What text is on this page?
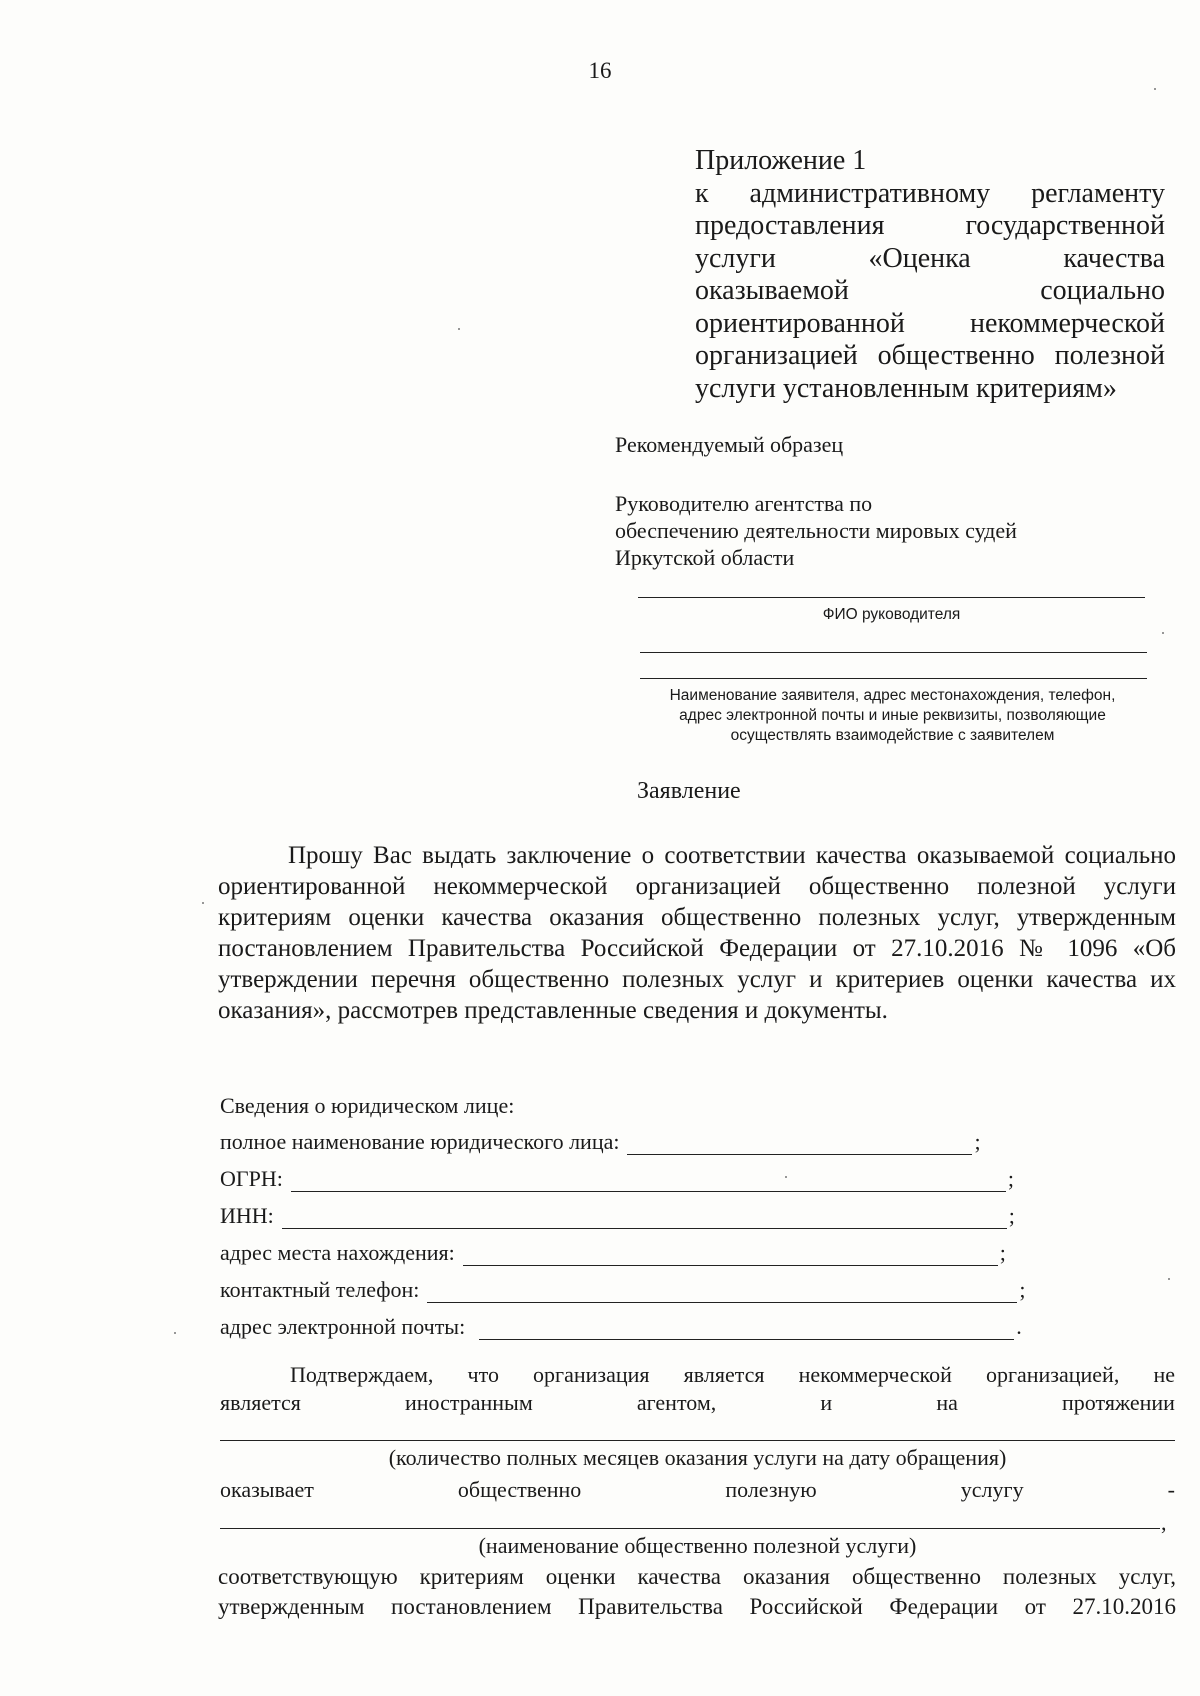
16
Приложение 1
к административному регламенту
предоставления государственной
услуги «Оценка качества
оказываемой социально
ориентированной некоммерческой
организацией общественно полезной
услуги установленным критериям»
Рекомендуемый образец
Руководителю агентства по
обеспечению деятельности мировых судей
Иркутской области
ФИО руководителя
Наименование заявителя, адрес местонахождения, телефон,
адрес электронной почты и иные реквизиты, позволяющие
осуществлять взаимодействие с заявителем
Заявление
Прошу Вас выдать заключение о соответствии качества оказываемой социально ориентированной некоммерческой организацией общественно полезной услуги критериям оценки качества оказания общественно полезных услуг, утвержденным постановлением Правительства Российской Федерации от 27.10.2016 № 1096 «Об утверждении перечня общественно полезных услуг и критериев оценки качества их оказания», рассмотрев представленные сведения и документы.
Сведения о юридическом лице:
полное наименование юридического лица:	;
ОГРН:	;
ИНН:	;
адрес места нахождения:	;
контактный телефон:	;
адрес электронной почты:	.
Подтверждаем, что организация является некоммерческой организацией, не
является	иностранным	агентом,	и	на	протяжении
(количество полных месяцев оказания услуги на дату обращения)
оказывает	общественно	полезную	услугу	-
,
(наименование общественно полезной услуги)
соответствующую критериям оценки качества оказания общественно полезных услуг, утвержденным постановлением Правительства Российской Федерации от 27.10.2016
